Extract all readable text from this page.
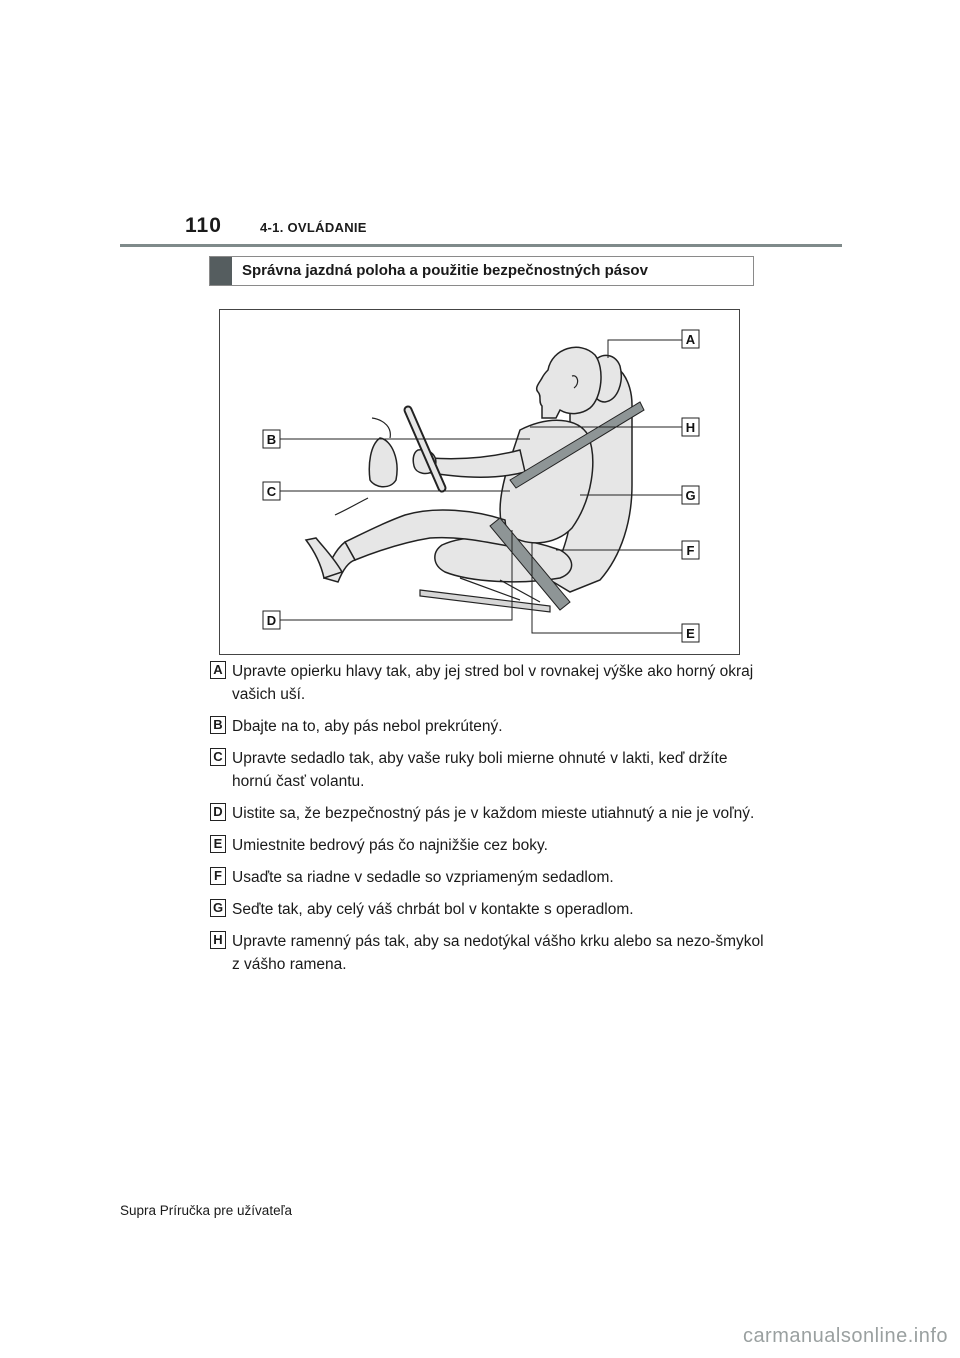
110	4-1. OVLÁDANIE
Správna jazdná poloha a použitie bezpečnostných pásov
A
B
C
D
E
F
G
H
A Upravte opierku hlavy tak, aby jej stred bol v rovnakej výške ako horný okraj vašich uší.
B Dbajte na to, aby pás nebol prekrútený.
C Upravte sedadlo tak, aby vaše ruky boli mierne ohnuté v lakti, keď držíte hornú časť volantu.
D Uistite sa, že bezpečnostný pás je v každom mieste utiahnutý a nie je voľný.
E Umiestnite bedrový pás čo najnižšie cez boky.
F Usaďte sa riadne v sedadle so vzpriameným sedadlom.
G Seďte tak, aby celý váš chrbát bol v kontakte s operadlom.
H Upravte ramenný pás tak, aby sa nedotýkal vášho krku alebo sa nezo-šmykol z vášho ramena.
Supra Príručka pre užívateľa
carmanualsonline.info
